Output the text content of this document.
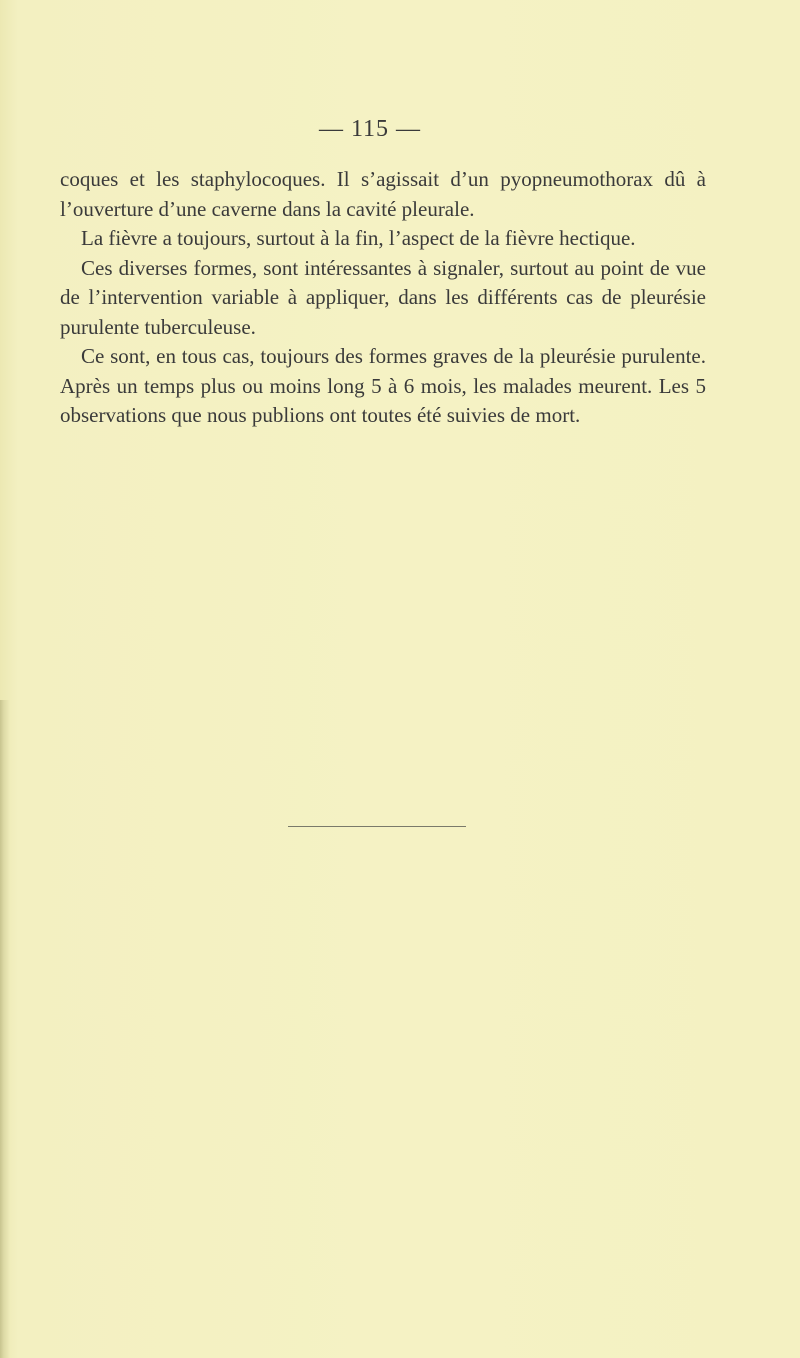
— 115 —

coques et les staphylocoques. Il s’agissait d’un pyopneumothorax dû à l’ouverture d’une caverne dans la cavité pleurale.

La fièvre a toujours, surtout à la fin, l’aspect de la fièvre hectique.

Ces diverses formes, sont intéressantes à signaler, surtout au point de vue de l’intervention variable à appliquer, dans les différents cas de pleurésie purulente tuberculeuse.

Ce sont, en tous cas, toujours des formes graves de la pleurésie purulente. Après un temps plus ou moins long 5 à 6 mois, les malades meurent. Les 5 observations que nous publions ont toutes été suivies de mort.
